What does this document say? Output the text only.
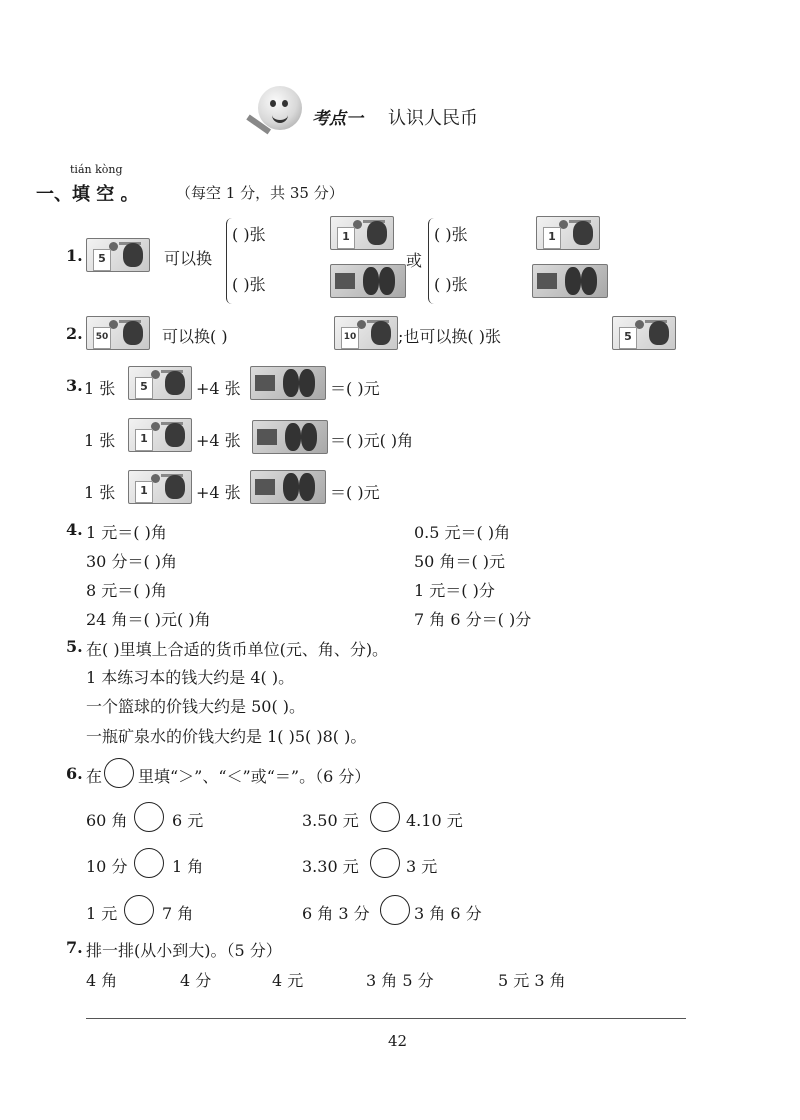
考点一 认识人民币
tián kòng
一、填 空 。 （每空 1 分，共 35 分）
1.	5	可以换
( )张	1
( )张
或
( )张	1
( )张
2.	50	可以换( )	10	;也可以换( )张	5
3. 1 张	5	+4 张	＝( )元
1 张	1	+4 张	＝( )元( )角
1 张	1	+4 张	＝( )元
4. 1 元＝( )角	0.5 元＝( )角
30 分＝( )角	50 角＝( )元
8 元＝( )角	1 元＝( )分
24 角＝( )元( )角	7 角 6 分＝( )分
5. 在( )里填上合适的货币单位(元、角、分)。
1 本练习本的钱大约是 4( )。
一个篮球的价钱大约是 50( )。
一瓶矿泉水的价钱大约是 1( )5( )8( )。
6. 在 里填“＞”、“＜”或“＝”。（6 分）
60 角	6 元	3.50 元	4.10 元
10 分	1 角	3.30 元	3 元
1 元	7 角	6 角 3 分	3 角 6 分
7. 排一排(从小到大)。（5 分）
4 角	4 分	4 元	3 角 5 分	5 元 3 角
42
